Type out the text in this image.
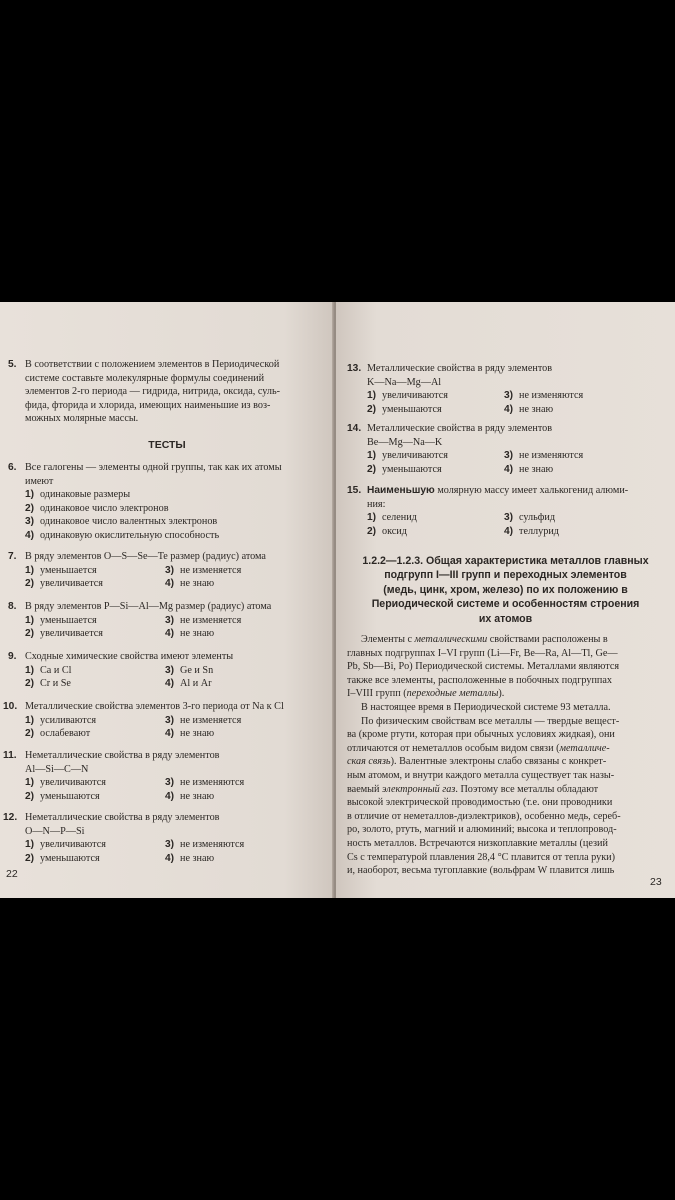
5. В соответствии с положением элементов в Периодической
системе составьте молекулярные формулы соединений
элементов 2-го периода — гидрида, нитрида, оксида, суль-
фида, фторида и хлорида, имеющих наименьшие из воз-
можных молярные массы.
ТЕСТЫ
6. Все галогены — элементы одной группы, так как их атомы
имеют
1) одинаковые размеры
2) одинаковое число электронов
3) одинаковое число валентных электронов
4) одинаковую окислительную способность
7. В ряду элементов O—S—Se—Te размер (радиус) атома
1) уменьшается	3) не изменяется
2) увеличивается	4) не знаю
8. В ряду элементов P—Si—Al—Mg размер (радиус) атома
1) уменьшается	3) не изменяется
2) увеличивается	4) не знаю
9. Сходные химические свойства имеют элементы
1) Ca и Cl	3) Ge и Sn
2) Cr и Se	4) Al и Ar
10. Металлические свойства элементов 3-го периода от Na к Cl
1) усиливаются	3) не изменяется
2) ослабевают	4) не знаю
11. Неметаллические свойства в ряду элементов
Al—Si—C—N
1) увеличиваются	3) не изменяются
2) уменьшаются	4) не знаю
12. Неметаллические свойства в ряду элементов
O—N—P—Si
1) увеличиваются	3) не изменяются
2) уменьшаются	4) не знаю
22
13. Металлические свойства в ряду элементов
K—Na—Mg—Al
1) увеличиваются	3) не изменяются
2) уменьшаются	4) не знаю
14. Металлические свойства в ряду элементов
Be—Mg—Na—K
1) увеличиваются	3) не изменяются
2) уменьшаются	4) не знаю
15. Наименьшую
молярную массу имеет халькогенид алюми-
ния:
1) селенид	3) сульфид
2) оксид	4) теллурид
1.2.2—1.2.3. Общая характеристика металлов главных
подгрупп I—III групп и переходных элементов
(медь, цинк, хром, железо) по их положению в
Периодической системе и особенностям строения
их атомов
Элементы с металлическими свойствами расположены в
главных подгруппах I–VI групп (Li—Fr, Be—Ra, Al—Tl, Ge—
Pb, Sb—Bi, Po) Периодической системы. Металлами являются
также все элементы, расположенные в побочных подгруппах
I–VIII групп (переходные металлы).
В настоящее время в Периодической системе 93 металла.
По физическим свойствам все металлы — твердые вещест-
ва (кроме ртути, которая при обычных условиях жидкая), они
отличаются от неметаллов особым видом связи (металличе-
ская связь). Валентные электроны слабо связаны с конкрет-
ным атомом, и внутри каждого металла существует так назы-
ваемый электронный газ. Поэтому все металлы обладают
высокой электрической проводимостью (т.е. они проводники
в отличие от неметаллов-диэлектриков), особенно медь, сереб-
ро, золото, ртуть, магний и алюминий; высока и теплопровод-
ность металлов. Встречаются низкоплавкие металлы (цезий
Cs с температурой плавления 28,4 °С плавится от тепла руки)
и, наоборот, весьма тугоплавкие (вольфрам W плавится лишь
23
